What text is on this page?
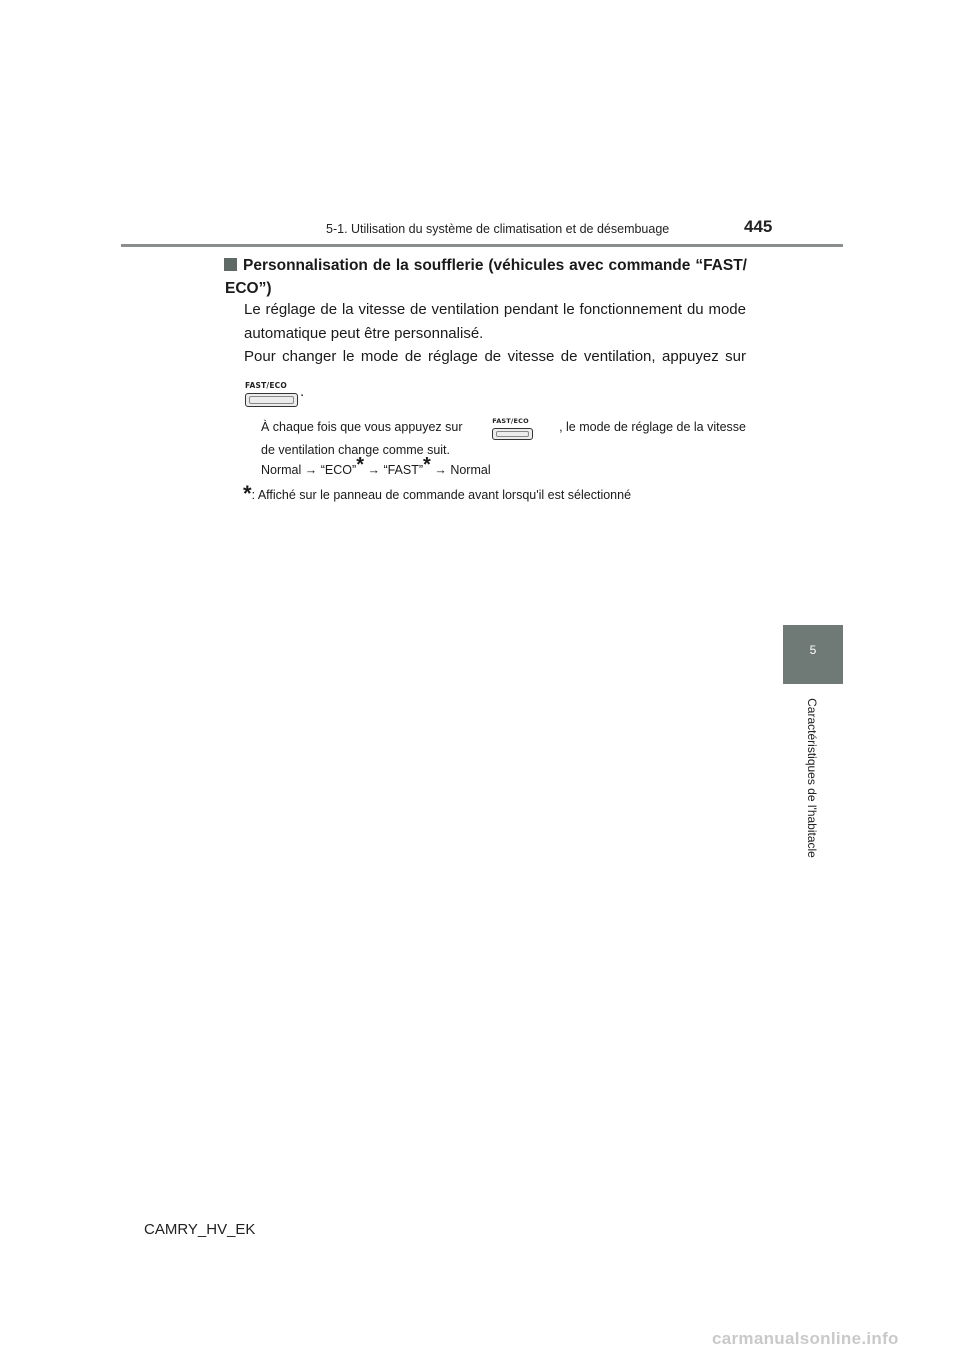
5-1. Utilisation du système de climatisation et de désembuage	445
5
Caractéristiques de l'habitacle
Personnalisation de la soufflerie (véhicules avec commande “FAST/ ECO”)
Le réglage de la vitesse de ventilation pendant le fonctionnement du mode automatique peut être personnalisé.
Pour changer le mode de réglage de vitesse de ventilation, appuyez sur
FAST/ECO .
À chaque fois que vous appuyez sur	FAST/ECO	, le mode de réglage de la vitesse
de ventilation change comme suit.
Normal → “ECO”* → “FAST”* → Normal
*: Affiché sur le panneau de commande avant lorsqu'il est sélectionné
CAMRY_HV_EK
carmanualsonline.info
